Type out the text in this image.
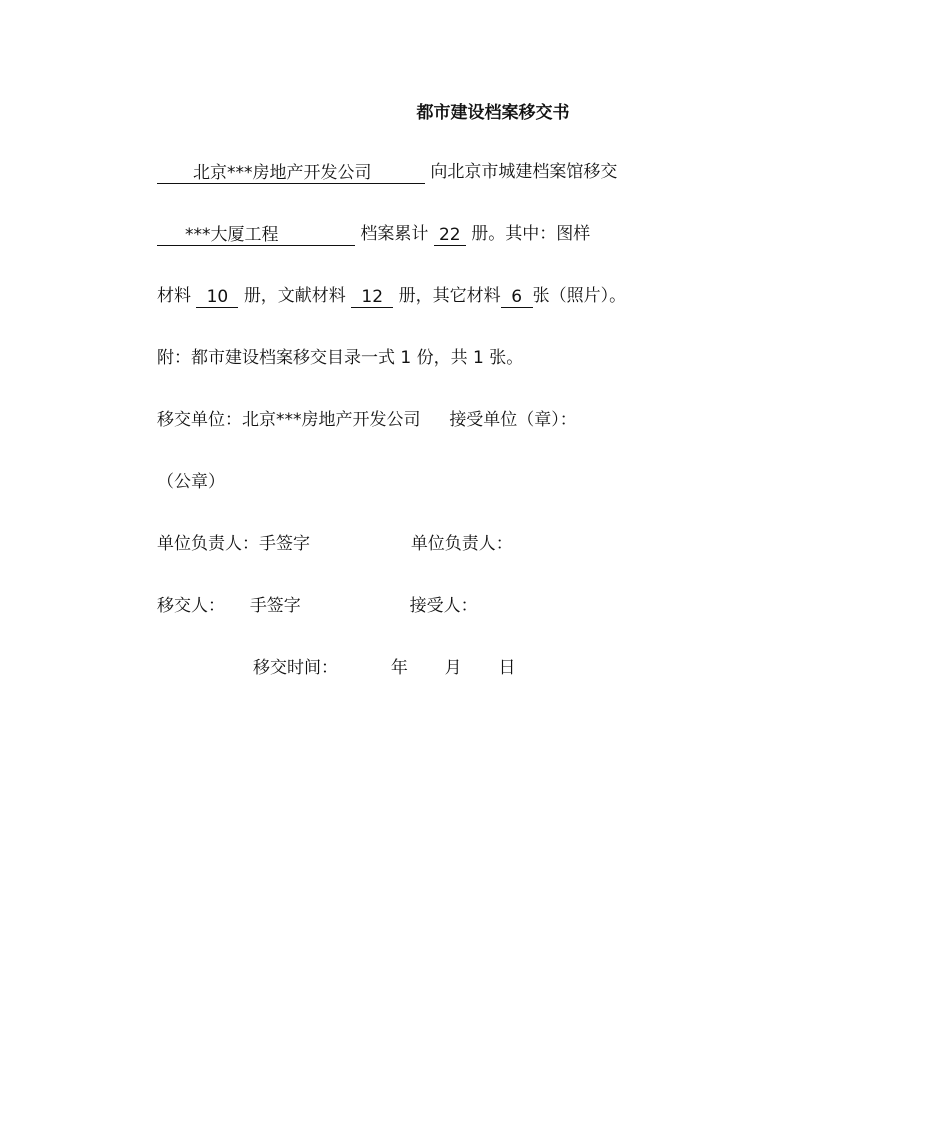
都市建设档案移交书
北京***房地产开发公司	向北京市城建档案馆移交
***大厦工程	档案累计 22 册。其中：图样
材料 10 册，文献材料 12 册，其它材料 6 张（照片）。
附：都市建设档案移交目录一式 1 份，共 1 张。
移交单位：北京***房地产开发公司 接受单位（章）：
（公章）
单位负责人：手签字	单位负责人：
移交人： 手签字	接受人：
移交时间：	年 月 日
